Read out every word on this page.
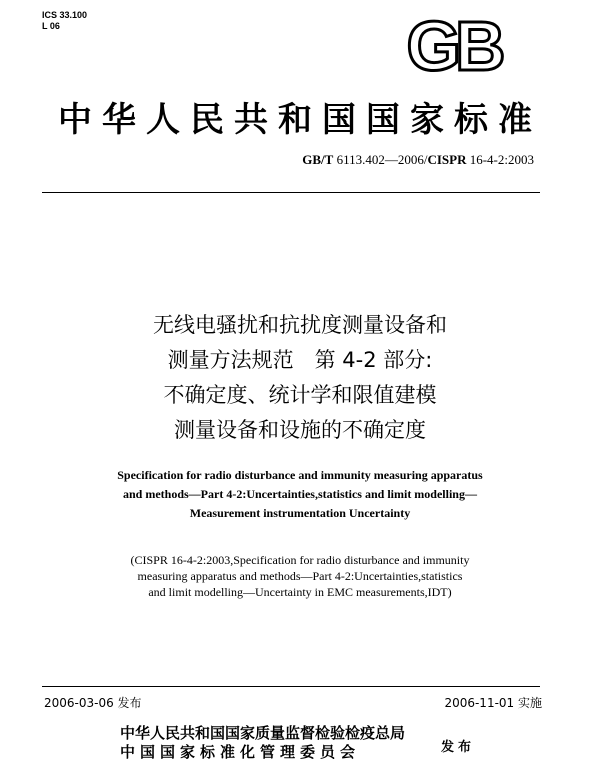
ICS 33.100
L 06	GB
中华人民共和国国家标准
GB/T 6113.402—2006/CISPR 16-4-2:2003
无线电骚扰和抗扰度测量设备和
测量方法规范　第 4-2 部分:
不确定度、统计学和限值建模
测量设备和设施的不确定度
Specification for radio disturbance and immunity measuring apparatus
and methods—Part 4-2:Uncertainties,statistics and limit modelling—
Measurement instrumentation Uncertainty
(CISPR 16-4-2:2003,Specification for radio disturbance and immunity
measuring apparatus and methods—Part 4-2:Uncertainties,statistics
and limit modelling—Uncertainty in EMC measurements,IDT)
2006-03-06 发布	2006-11-01 实施
中华人民共和国国家质量监督检验检疫总局
中国国家标准化管理委员会	发布
